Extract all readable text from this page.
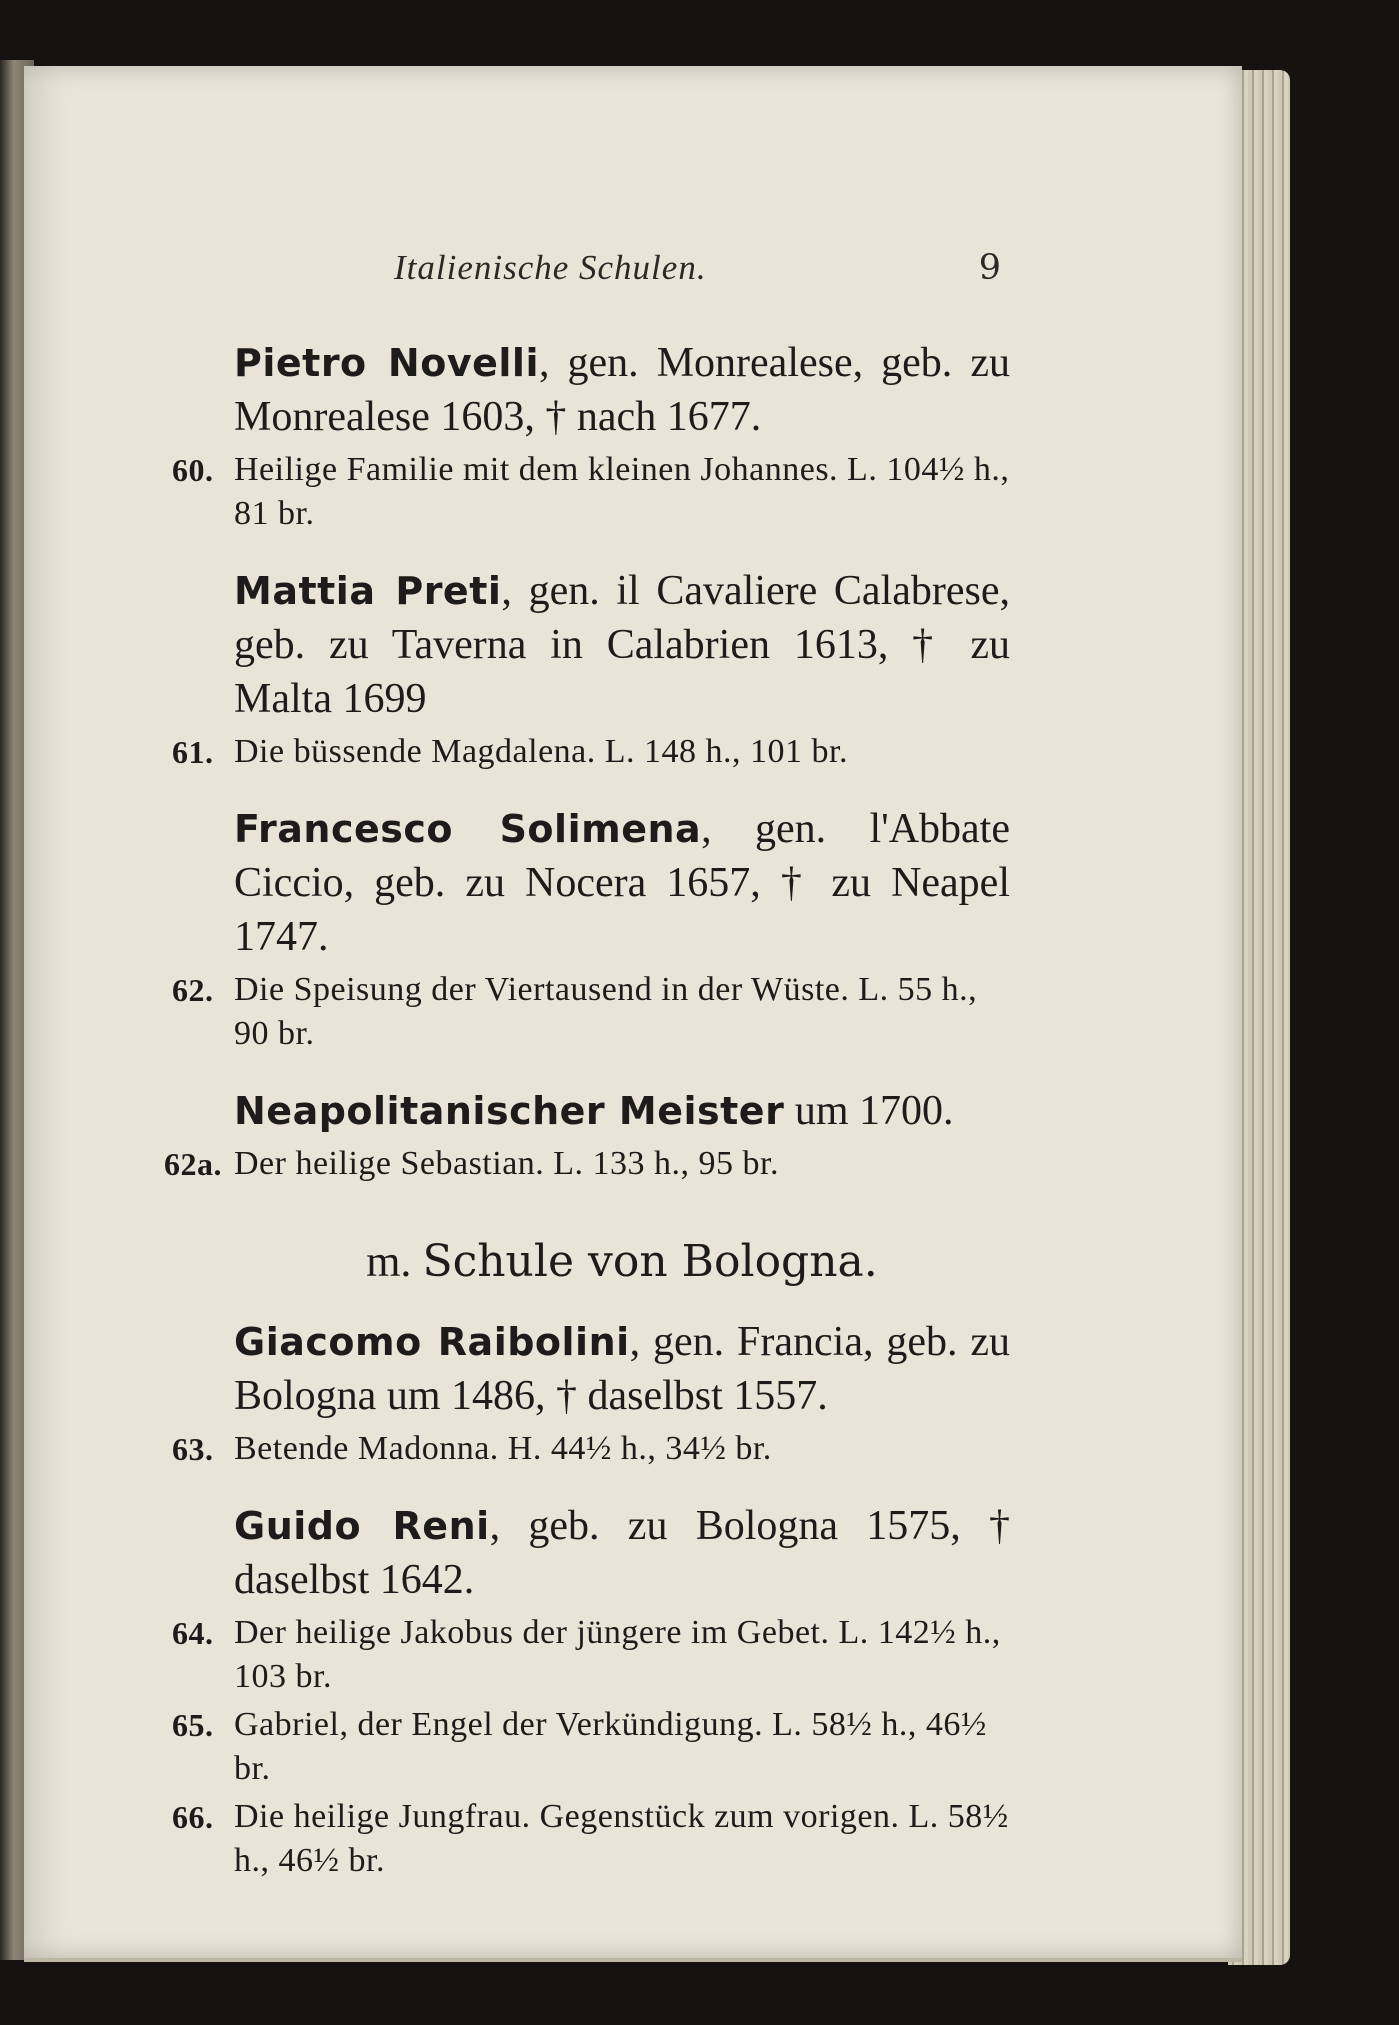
Italienische Schulen.	9
Pietro Novelli, gen. Monrealese, geb. zu Monrealese 1603, † nach 1677.
60. Heilige Familie mit dem kleinen Johannes. L. 104½ h., 81 br.
Mattia Preti, gen. il Cavaliere Calabrese, geb. zu Taverna in Calabrien 1613, † zu Malta 1699
61. Die büssende Magdalena. L. 148 h., 101 br.
Francesco Solimena, gen. l'Abbate Ciccio, geb. zu Nocera 1657, † zu Neapel 1747.
62. Die Speisung der Viertausend in der Wüste. L. 55 h., 90 br.
Neapolitanischer Meister um 1700.
62a. Der heilige Sebastian. L. 133 h., 95 br.
m. Schule von Bologna.
Giacomo Raibolini, gen. Francia, geb. zu Bologna um 1486, † daselbst 1557.
63. Betende Madonna. H. 44½ h., 34½ br.
Guido Reni, geb. zu Bologna 1575, † daselbst 1642.
64. Der heilige Jakobus der jüngere im Gebet. L. 142½ h., 103 br.
65. Gabriel, der Engel der Verkündigung. L. 58½ h., 46½ br.
66. Die heilige Jungfrau. Gegenstück zum vorigen. L. 58½ h., 46½ br.
